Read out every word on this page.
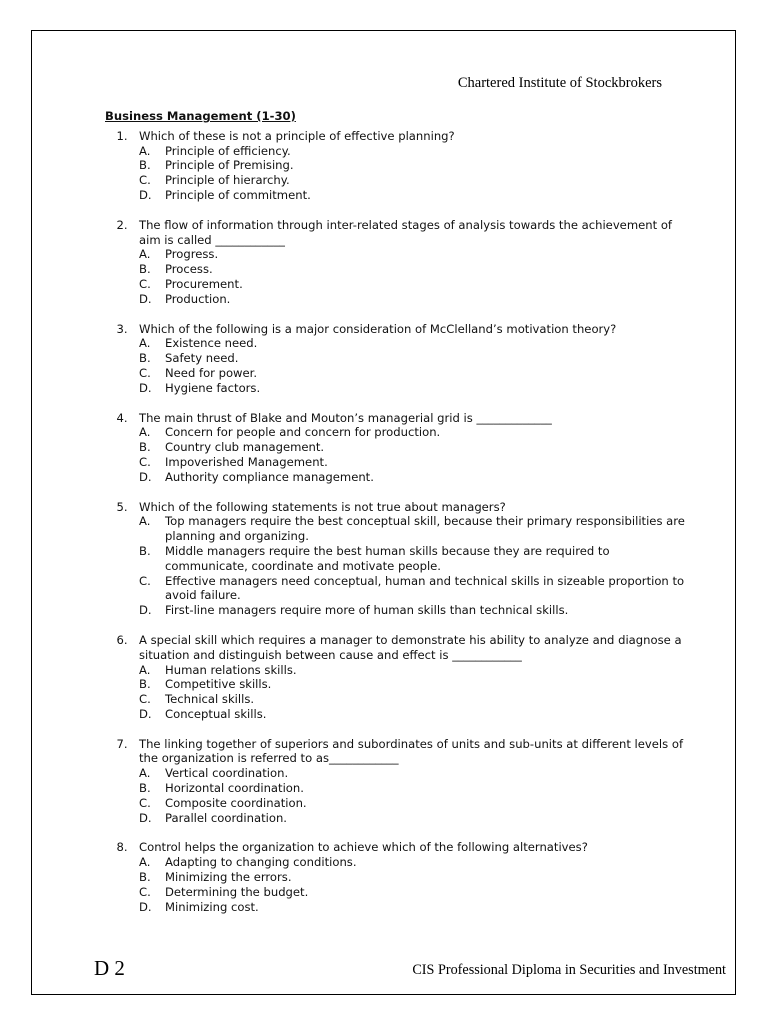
Chartered Institute of Stockbrokers
Business Management (1-30)
1. Which of these is not a principle of effective planning?
A.	Principle of efficiency.
B.	Principle of Premising.
C.	Principle of hierarchy.
D.	Principle of commitment.
2. The flow of information through inter-related stages of analysis towards the achievement of aim is called ____________
A.	Progress.
B.	Process.
C.	Procurement.
D.	Production.
3. Which of the following is a major consideration of McClelland’s motivation theory?
A.	Existence need.
B.	Safety need.
C.	Need for power.
D.	Hygiene factors.
4. The main thrust of Blake and Mouton’s managerial grid is _____________
A.	Concern for people and concern for production.
B.	Country club management.
C.	Impoverished Management.
D.	Authority compliance management.
5. Which of the following statements is not true about managers?
A.	Top managers require the best conceptual skill, because their primary responsibilities are planning and organizing.
B.	Middle managers require the best human skills because they are required to communicate, coordinate and motivate people.
C.	Effective managers need conceptual, human and technical skills in sizeable proportion to avoid failure.
D.	First-line managers require more of human skills than technical skills.
6. A special skill which requires a manager to demonstrate his ability to analyze and diagnose a situation and distinguish between cause and effect is ____________
A.	Human relations skills.
B.	Competitive skills.
C.	Technical skills.
D.	Conceptual skills.
7. The linking together of superiors and subordinates of units and sub-units at different levels of the organization is referred to as____________
A.	Vertical coordination.
B.	Horizontal coordination.
C.	Composite coordination.
D.	Parallel coordination.
8. Control helps the organization to achieve which of the following alternatives?
A.	Adapting to changing conditions.
B.	Minimizing the errors.
C.	Determining the budget.
D.	Minimizing cost.
D 2	CIS Professional Diploma in Securities and Investment
